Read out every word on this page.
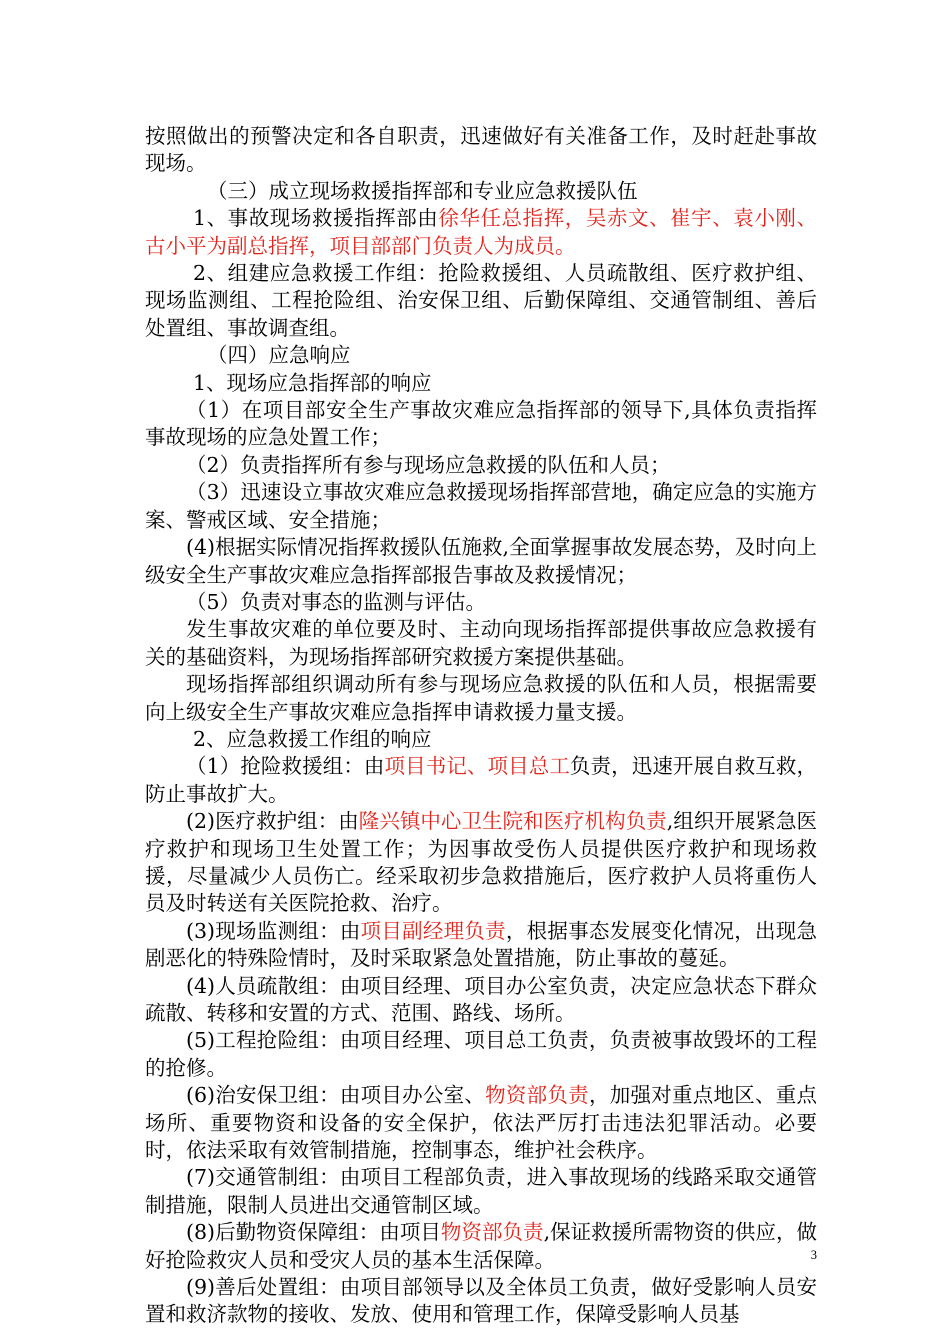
按照做出的预警决定和各自职责，迅速做好有关准备工作，及时赶赴事故现场。

（三）成立现场救援指挥部和专业应急救援队伍

1、事故现场救援指挥部由徐华任总指挥，吴赤文、崔宇、袁小刚、古小平为副总指挥，项目部部门负责人为成员。

2、组建应急救援工作组：抢险救援组、人员疏散组、医疗救护组、现场监测组、工程抢险组、治安保卫组、后勤保障组、交通管制组、善后处置组、事故调查组。

（四）应急响应

1、现场应急指挥部的响应

（1）在项目部安全生产事故灾难应急指挥部的领导下,具体负责指挥事故现场的应急处置工作；

（2）负责指挥所有参与现场应急救援的队伍和人员；

（3）迅速设立事故灾难应急救援现场指挥部营地，确定应急的实施方案、警戒区域、安全措施；

(4)根据实际情况指挥救援队伍施救,全面掌握事故发展态势，及时向上级安全生产事故灾难应急指挥部报告事故及救援情况；

（5）负责对事态的监测与评估。

发生事故灾难的单位要及时、主动向现场指挥部提供事故应急救援有关的基础资料，为现场指挥部研究救援方案提供基础。

现场指挥部组织调动所有参与现场应急救援的队伍和人员，根据需要向上级安全生产事故灾难应急指挥申请救援力量支援。

2、应急救援工作组的响应

（1）抢险救援组：由项目书记、项目总工负责，迅速开展自救互救，防止事故扩大。

(2)医疗救护组：由隆兴镇中心卫生院和医疗机构负责,组织开展紧急医疗救护和现场卫生处置工作；为因事故受伤人员提供医疗救护和现场救援，尽量减少人员伤亡。经采取初步急救措施后，医疗救护人员将重伤人员及时转送有关医院抢救、治疗。

(3)现场监测组：由项目副经理负责，根据事态发展变化情况，出现急剧恶化的特殊险情时，及时采取紧急处置措施，防止事故的蔓延。

(4)人员疏散组：由项目经理、项目办公室负责，决定应急状态下群众疏散、转移和安置的方式、范围、路线、场所。

(5)工程抢险组：由项目经理、项目总工负责，负责被事故毁坏的工程的抢修。

(6)治安保卫组：由项目办公室、物资部负责，加强对重点地区、重点场所、重要物资和设备的安全保护，依法严厉打击违法犯罪活动。必要时，依法采取有效管制措施，控制事态，维护社会秩序。

(7)交通管制组：由项目工程部负责，进入事故现场的线路采取交通管制措施，限制人员进出交通管制区域。

(8)后勤物资保障组：由项目物资部负责,保证救援所需物资的供应，做好抢险救灾人员和受灾人员的基本生活保障。

(9)善后处置组：由项目部领导以及全体员工负责，做好受影响人员安置和救济款物的接收、发放、使用和管理工作，保障受影响人员基

3
